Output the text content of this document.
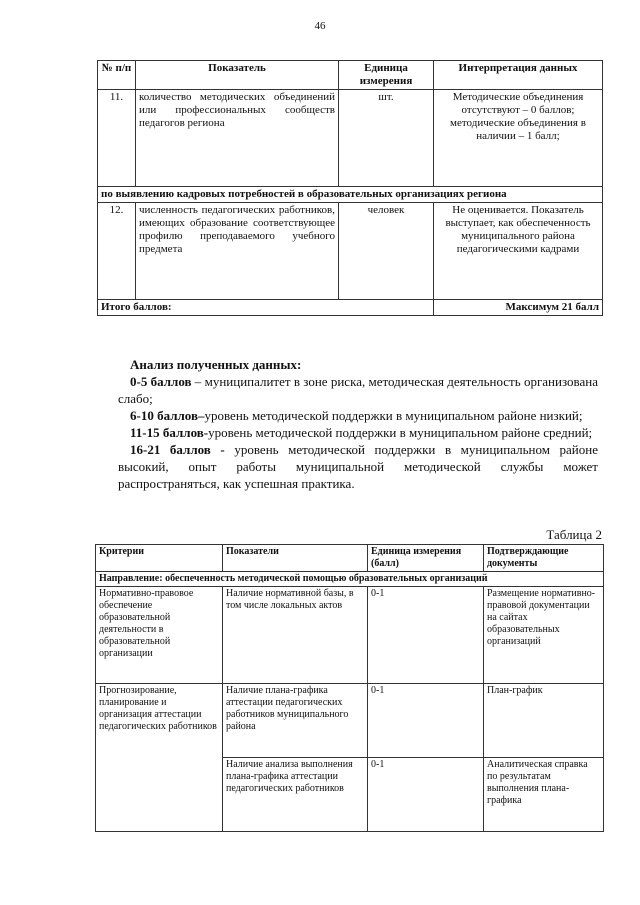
46
№ п/п	Показатель	Единица измерения	Интерпретация данных
11.	количество методических объединений или профессиональных сообществ педагогов региона	шт.	Методические объединения отсутствуют – 0 баллов; методические объединения в наличии – 1 балл;
по выявлению кадровых потребностей в образовательных организациях региона			
12.	численность педагогических работников, имеющих образование соответствующее профилю преподаваемого учебного предмета	человек	Не оценивается. Показатель выступает, как обеспеченность муниципального района педагогическими кадрами
Итого баллов:			Максимум 21 балл
Анализ полученных данных:

0-5 баллов – муниципалитет в зоне риска, методическая деятельность организована слабо;

6-10 баллов–уровень методической поддержки в муниципальном районе низкий;

11-15 баллов-уровень методической поддержки в муниципальном районе средний;

16-21 баллов - уровень методической поддержки в муниципальном районе высокий, опыт работы муниципальной методической службы может распространяться, как успешная практика.

Таблица 2
Критерии	Показатели	Единица измерения (балл)	Подтверждающие документы
Направление: обеспеченность методической помощью образовательных организаций			
Нормативно-правовое обеспечение образовательной деятельности в образовательной организации	Наличие нормативной базы, в том числе локальных актов	0-1	Размещение нормативно-правовой документации на сайтах образовательных организаций
Прогнозирование, планирование и организация аттестации педагогических работников	Наличие плана-графика аттестации педагогических работников муниципального района	0-1	План-график
	Наличие анализа выполнения плана-графика аттестации педагогических работников	0-1	Аналитическая справка по результатам выполнения плана-графика
